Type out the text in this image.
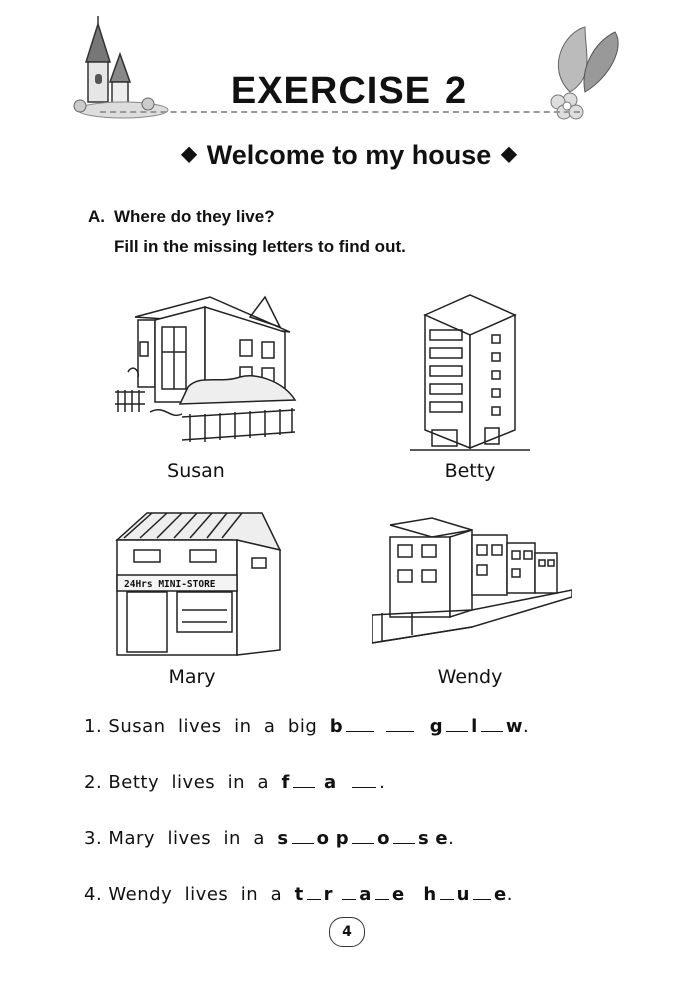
EXERCISE 2
◆ Welcome to my house ◆
A. Where do they live?
Fill in the missing letters to find out.
Susan	Betty
24Hrs MINI-STORE
Mary	Wendy
1. Susan  lives  in  a  big b	g l w.
2. Betty  lives  in  a f a .
3. Mary  lives  in  a s o p o s e.
4. Wendy  lives  in  a t r a e h u e.
4
